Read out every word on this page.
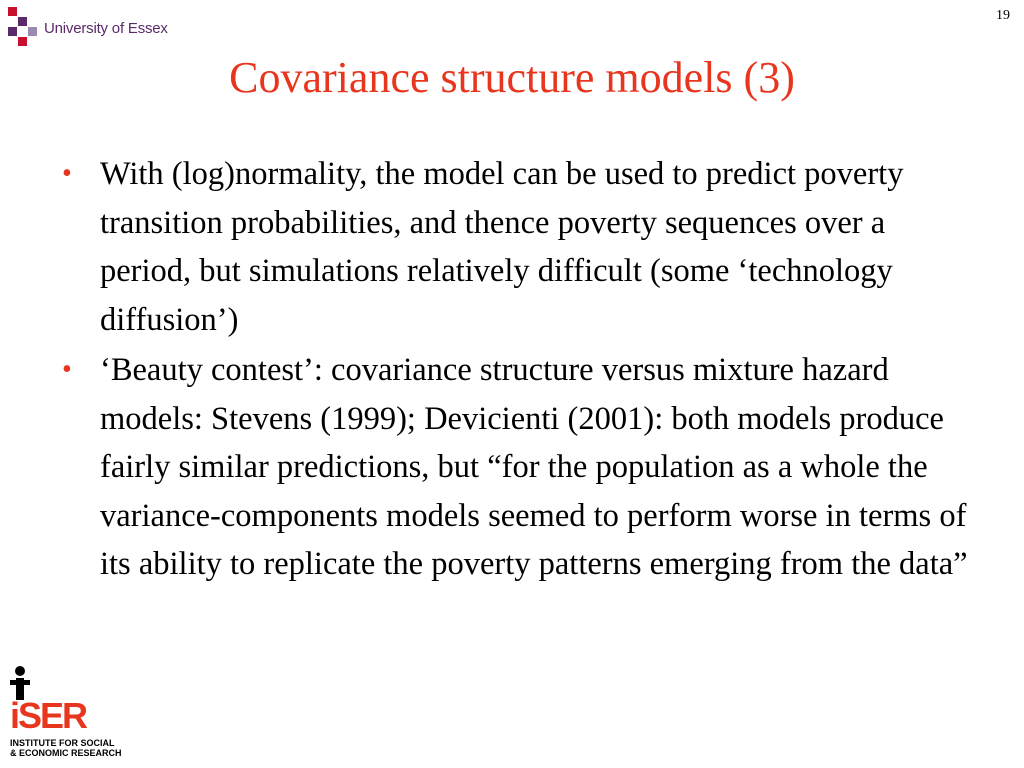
University of Essex
19
Covariance structure models (3)
• With (log)normality, the model can be used to predict poverty transition probabilities, and thence poverty sequences over a period, but simulations relatively difficult (some ‘technology diffusion’)
• ‘Beauty contest’: covariance structure versus mixture hazard models: Stevens (1999); Devicienti (2001): both models produce fairly similar predictions, but “for the population as a whole the variance-components models seemed to perform worse in terms of its ability to replicate the poverty patterns emerging from the data”
iSER
INSTITUTE FOR SOCIAL
& ECONOMIC RESEARCH
